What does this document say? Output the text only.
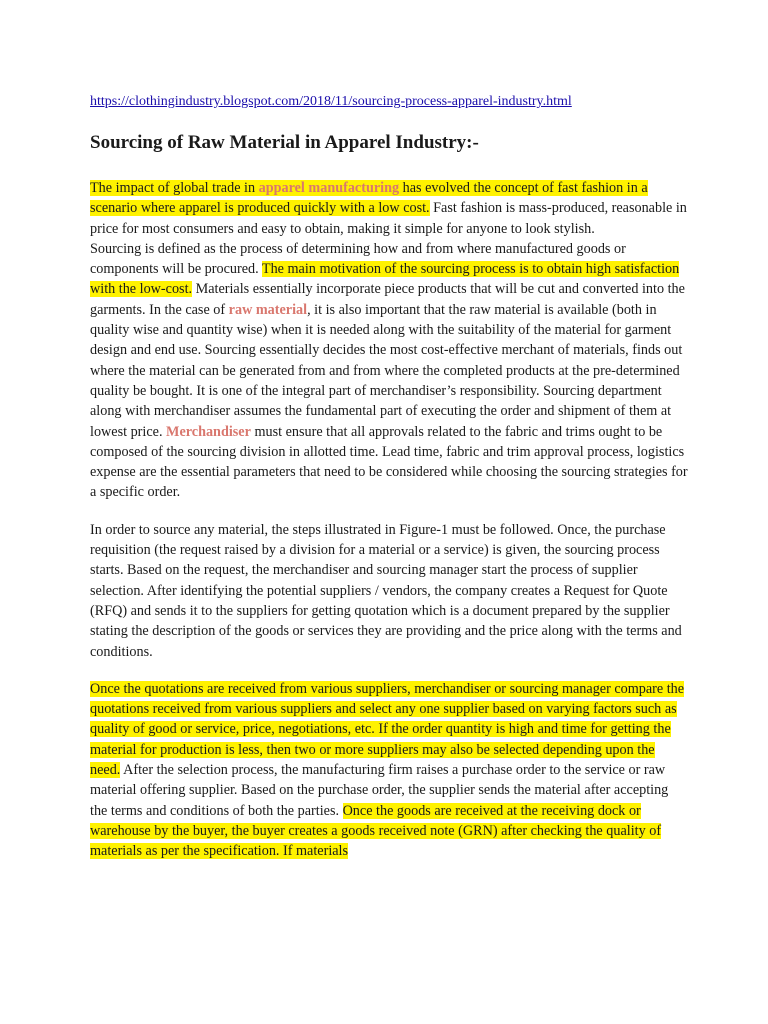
https://clothingindustry.blogspot.com/2018/11/sourcing-process-apparel-industry.html
Sourcing of Raw Material in Apparel Industry:-
The impact of global trade in apparel manufacturing has evolved the concept of fast fashion in a scenario where apparel is produced quickly with a low cost. Fast fashion is mass-produced, reasonable in price for most consumers and easy to obtain, making it simple for anyone to look stylish.
Sourcing is defined as the process of determining how and from where manufactured goods or components will be procured. The main motivation of the sourcing process is to obtain high satisfaction with the low-cost. Materials essentially incorporate piece products that will be cut and converted into the garments. In the case of raw material, it is also important that the raw material is available (both in quality wise and quantity wise) when it is needed along with the suitability of the material for garment design and end use. Sourcing essentially decides the most cost-effective merchant of materials, finds out where the material can be generated from and from where the completed products at the pre-determined quality be bought. It is one of the integral part of merchandiser’s responsibility. Sourcing department along with merchandiser assumes the fundamental part of executing the order and shipment of them at lowest price. Merchandiser must ensure that all approvals related to the fabric and trims ought to be composed of the sourcing division in allotted time. Lead time, fabric and trim approval process, logistics expense are the essential parameters that need to be considered while choosing the sourcing strategies for a specific order.
In order to source any material, the steps illustrated in Figure-1 must be followed. Once, the purchase requisition (the request raised by a division for a material or a service) is given, the sourcing process starts. Based on the request, the merchandiser and sourcing manager start the process of supplier selection. After identifying the potential suppliers / vendors, the company creates a Request for Quote (RFQ) and sends it to the suppliers for getting quotation which is a document prepared by the supplier stating the description of the goods or services they are providing and the price along with the terms and conditions.
Once the quotations are received from various suppliers, merchandiser or sourcing manager compare the quotations received from various suppliers and select any one supplier based on varying factors such as quality of good or service, price, negotiations, etc. If the order quantity is high and time for getting the material for production is less, then two or more suppliers may also be selected depending upon the need. After the selection process, the manufacturing firm raises a purchase order to the service or raw material offering supplier. Based on the purchase order, the supplier sends the material after accepting the terms and conditions of both the parties. Once the goods are received at the receiving dock or warehouse by the buyer, the buyer creates a goods received note (GRN) after checking the quality of materials as per the specification. If materials
